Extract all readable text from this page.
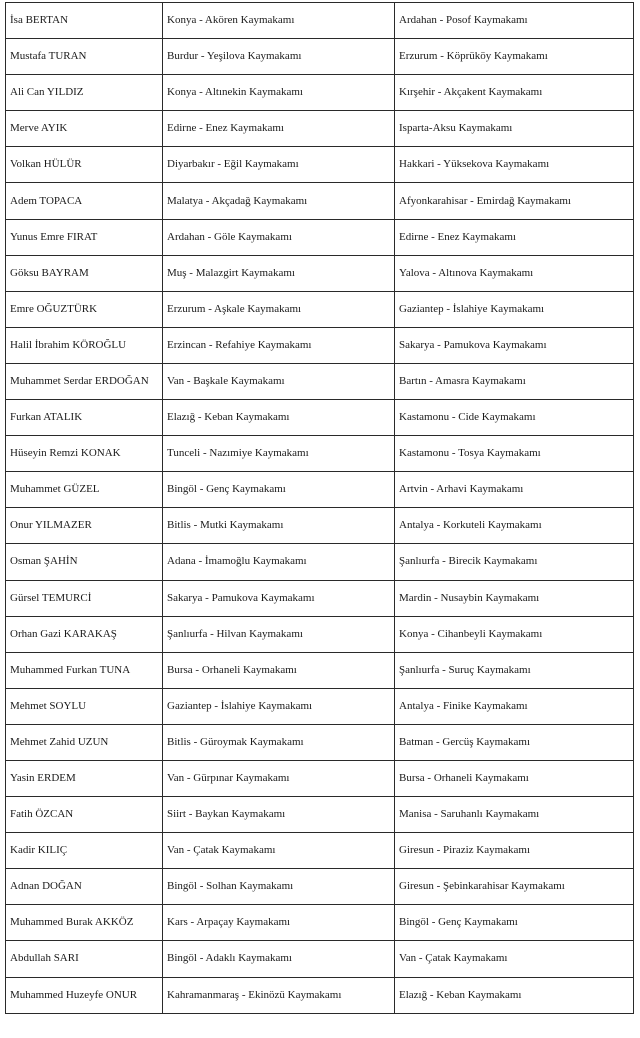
İsa BERTAN	Konya - Akören Kaymakamı	Ardahan - Posof Kaymakamı
Mustafa TURAN	Burdur - Yeşilova Kaymakamı	Erzurum - Köprüköy Kaymakamı
Ali Can YILDIZ	Konya - Altınekin Kaymakamı	Kırşehir - Akçakent Kaymakamı
Merve AYIK	Edirne - Enez Kaymakamı	Isparta-Aksu Kaymakamı
Volkan HÜLÜR	Diyarbakır - Eğil Kaymakamı	Hakkari - Yüksekova Kaymakamı
Adem TOPACA	Malatya - Akçadağ Kaymakamı	Afyonkarahisar - Emirdağ Kaymakamı
Yunus Emre FIRAT	Ardahan - Göle Kaymakamı	Edirne - Enez Kaymakamı
Göksu BAYRAM	Muş - Malazgirt Kaymakamı	Yalova - Altınova Kaymakamı
Emre OĞUZTÜRK	Erzurum - Aşkale Kaymakamı	Gaziantep - İslahiye Kaymakamı
Halil İbrahim KÖROĞLU	Erzincan - Refahiye Kaymakamı	Sakarya - Pamukova Kaymakamı
Muhammet Serdar ERDOĞAN	Van - Başkale Kaymakamı	Bartın - Amasra Kaymakamı
Furkan ATALIK	Elazığ - Keban Kaymakamı	Kastamonu - Cide Kaymakamı
Hüseyin Remzi KONAK	Tunceli - Nazımiye Kaymakamı	Kastamonu - Tosya Kaymakamı
Muhammet GÜZEL	Bingöl - Genç Kaymakamı	Artvin - Arhavi Kaymakamı
Onur YILMAZER	Bitlis - Mutki Kaymakamı	Antalya - Korkuteli Kaymakamı
Osman ŞAHİN	Adana - İmamoğlu Kaymakamı	Şanlıurfa - Birecik Kaymakamı
Gürsel TEMURCİ	Sakarya - Pamukova Kaymakamı	Mardin - Nusaybin Kaymakamı
Orhan Gazi KARAKAŞ	Şanlıurfa - Hilvan Kaymakamı	Konya - Cihanbeyli Kaymakamı
Muhammed Furkan TUNA	Bursa - Orhaneli Kaymakamı	Şanlıurfa - Suruç Kaymakamı
Mehmet SOYLU	Gaziantep - İslahiye Kaymakamı	Antalya - Finike Kaymakamı
Mehmet Zahid UZUN	Bitlis - Güroymak Kaymakamı	Batman - Gercüş Kaymakamı
Yasin ERDEM	Van - Gürpınar Kaymakamı	Bursa - Orhaneli Kaymakamı
Fatih ÖZCAN	Siirt - Baykan Kaymakamı	Manisa - Saruhanlı Kaymakamı
Kadir KILIÇ	Van - Çatak Kaymakamı	Giresun - Piraziz Kaymakamı
Adnan DOĞAN	Bingöl - Solhan Kaymakamı	Giresun - Şebinkarahisar Kaymakamı
Muhammed Burak AKKÖZ	Kars - Arpaçay Kaymakamı	Bingöl - Genç Kaymakamı
Abdullah SARI	Bingöl - Adaklı Kaymakamı	Van - Çatak Kaymakamı
Muhammed Huzeyfe ONUR	Kahramanmaraş - Ekinözü Kaymakamı	Elazığ - Keban Kaymakamı
